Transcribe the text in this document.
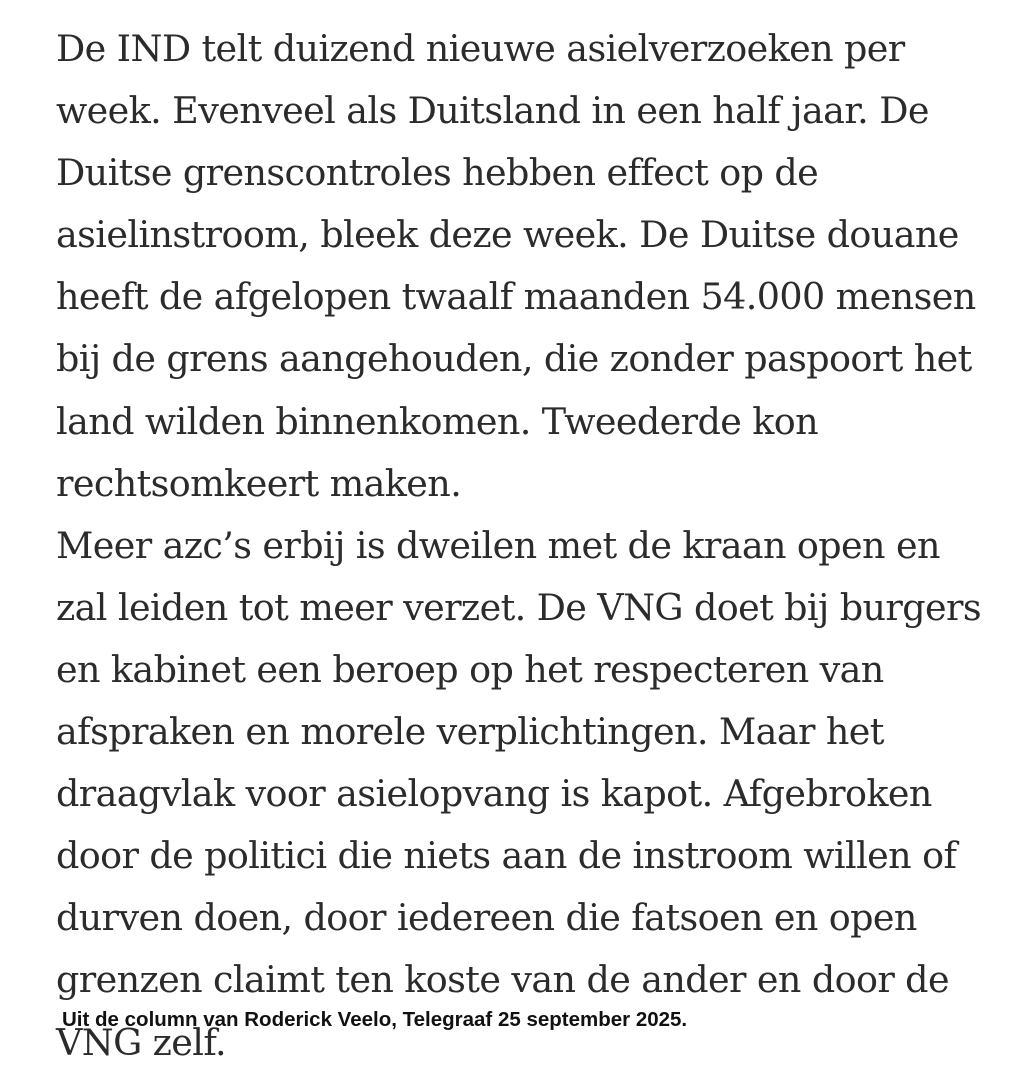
De IND telt duizend nieuwe asielverzoeken per
week. Evenveel als Duitsland in een half jaar. De
Duitse grenscontroles hebben effect op de
asielinstroom, bleek deze week. De Duitse douane
heeft de afgelopen twaalf maanden 54.000 mensen
bij de grens aangehouden, die zonder paspoort het
land wilden binnenkomen. Tweederde kon
rechtsomkeert maken.
Meer azc’s erbij is dweilen met de kraan open en
zal leiden tot meer verzet. De VNG doet bij burgers
en kabinet een beroep op het respecteren van
afspraken en morele verplichtingen. Maar het
draagvlak voor asielopvang is kapot. Afgebroken
door de politici die niets aan de instroom willen of
durven doen, door iedereen die fatsoen en open
grenzen claimt ten koste van de ander en door de
VNG zelf.
Uit de column van Roderick Veelo, Telegraaf 25 september 2025.
